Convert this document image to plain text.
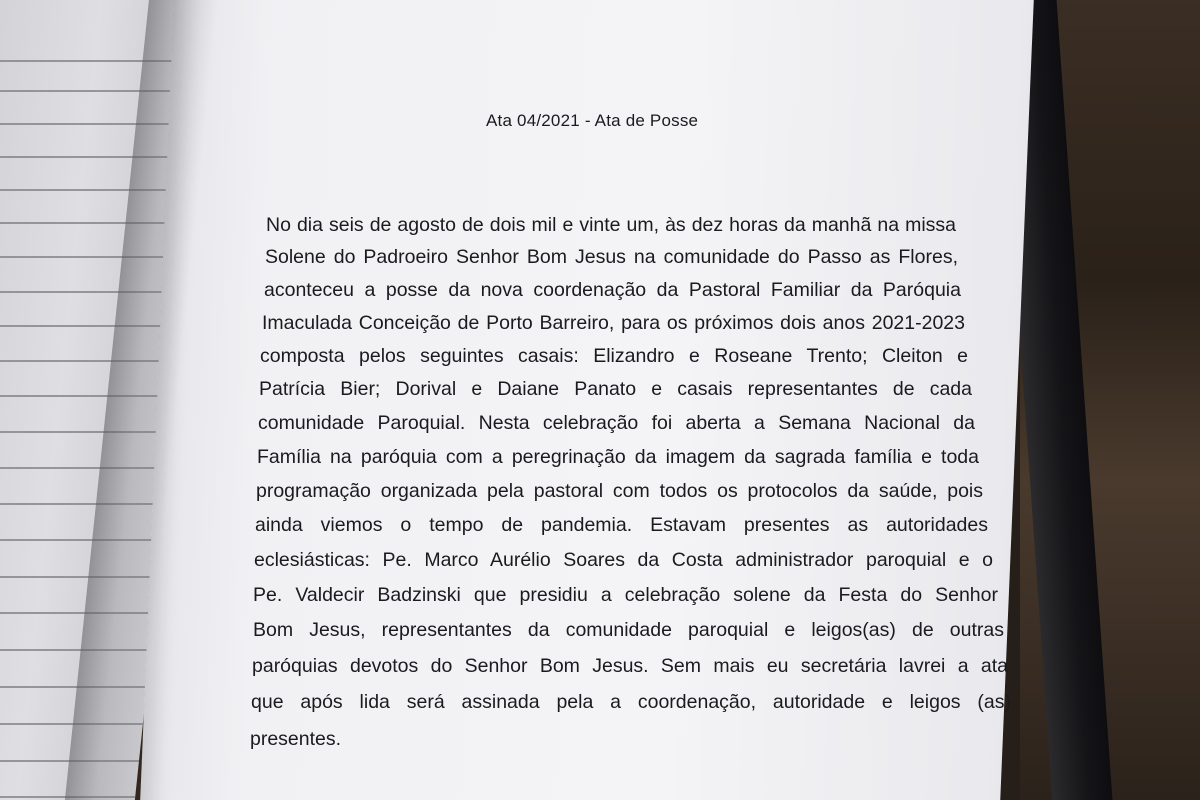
Ata 04/2021 - Ata de Posse
No dia seis de agosto de dois mil e vinte um, às dez horas da manhã na missa
Solene do Padroeiro Senhor Bom Jesus na comunidade do Passo as Flores,
aconteceu a posse da nova coordenação da Pastoral Familiar da Paróquia
Imaculada Conceição de Porto Barreiro, para os próximos dois anos 2021-2023
composta pelos seguintes casais: Elizandro e Roseane Trento; Cleiton e
Patrícia Bier; Dorival e Daiane Panato e casais representantes de cada
comunidade Paroquial. Nesta celebração foi aberta a Semana Nacional da
Família na paróquia com a peregrinação da imagem da sagrada família e toda
programação organizada pela pastoral com todos os protocolos da saúde, pois
ainda viemos o tempo de pandemia. Estavam presentes as autoridades
eclesiásticas: Pe. Marco Aurélio Soares da Costa administrador paroquial e o
Pe. Valdecir Badzinski que presidiu a celebração solene da Festa do Senhor
Bom Jesus, representantes da comunidade paroquial e leigos(as) de outras
paróquias devotos do Senhor Bom Jesus. Sem mais eu secretária lavrei a ata
que após lida será assinada pela a coordenação, autoridade e leigos (as)
presentes.
